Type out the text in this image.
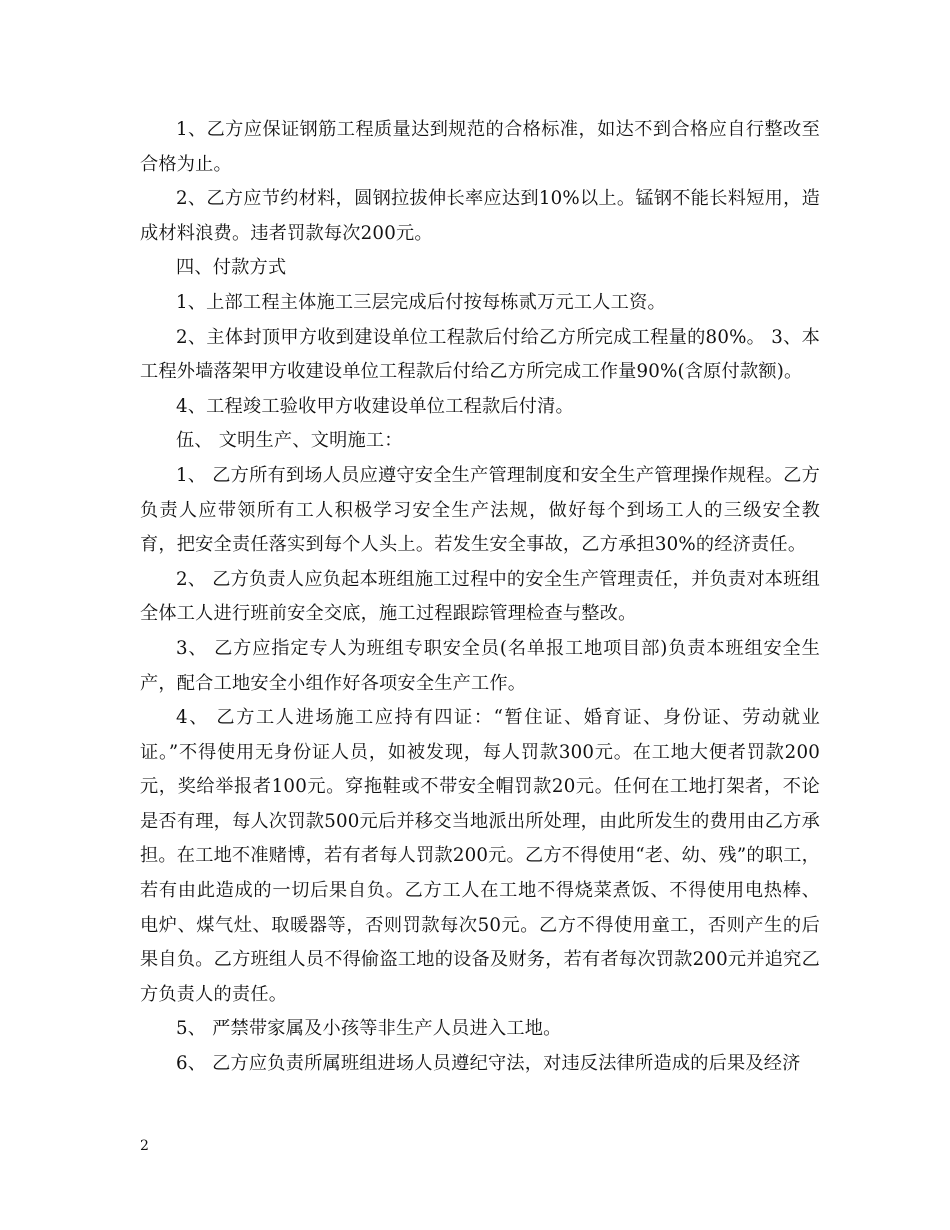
1、乙方应保证钢筋工程质量达到规范的合格标准，如达不到合格应自行整改至合格为止。

2、乙方应节约材料，圆钢拉拔伸长率应达到10%以上。锰钢不能长料短用，造成材料浪费。违者罚款每次200元。

四、付款方式

1、上部工程主体施工三层完成后付按每栋贰万元工人工资。

2、主体封顶甲方收到建设单位工程款后付给乙方所完成工程量的80%。 3、本工程外墙落架甲方收建设单位工程款后付给乙方所完成工作量90%(含原付款额)。

4、工程竣工验收甲方收建设单位工程款后付清。

伍、 文明生产、文明施工：

1、 乙方所有到场人员应遵守安全生产管理制度和安全生产管理操作规程。乙方负责人应带领所有工人积极学习安全生产法规，做好每个到场工人的三级安全教育，把安全责任落实到每个人头上。若发生安全事故，乙方承担30%的经济责任。

2、 乙方负责人应负起本班组施工过程中的安全生产管理责任，并负责对本班组全体工人进行班前安全交底，施工过程跟踪管理检查与整改。

3、 乙方应指定专人为班组专职安全员(名单报工地项目部)负责本班组安全生产，配合工地安全小组作好各项安全生产工作。

4、 乙方工人进场施工应持有四证：“暂住证、婚育证、身份证、劳动就业证。”不得使用无身份证人员，如被发现，每人罚款300元。在工地大便者罚款200元，奖给举报者100元。穿拖鞋或不带安全帽罚款20元。任何在工地打架者，不论是否有理，每人次罚款500元后并移交当地派出所处理，由此所发生的费用由乙方承担。在工地不准赌博，若有者每人罚款200元。乙方不得使用“老、幼、残”的职工，若有由此造成的一切后果自负。乙方工人在工地不得烧菜煮饭、不得使用电热棒、电炉、煤气灶、取暖器等，否则罚款每次50元。乙方不得使用童工，否则产生的后果自负。乙方班组人员不得偷盗工地的设备及财务，若有者每次罚款200元并追究乙方负责人的责任。

5、 严禁带家属及小孩等非生产人员进入工地。

6、 乙方应负责所属班组进场人员遵纪守法，对违反法律所造成的后果及经济

2
